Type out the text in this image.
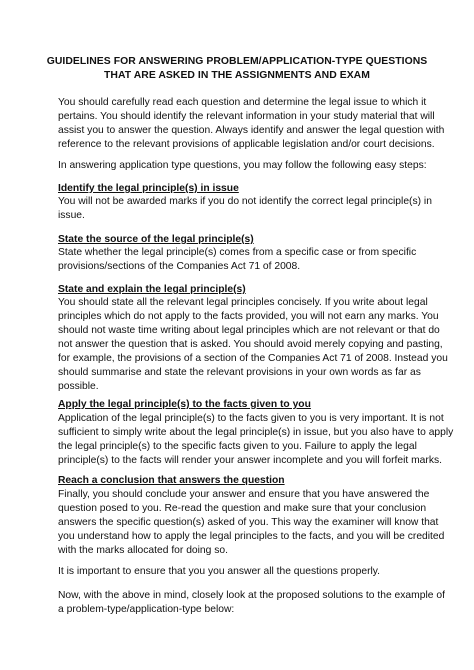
GUIDELINES FOR ANSWERING PROBLEM/APPLICATION-TYPE QUESTIONS
THAT ARE ASKED IN THE ASSIGNMENTS AND EXAM
You should carefully read each question and determine the legal issue to which it
pertains. You should identify the relevant information in your study material that will
assist you to answer the question. Always identify and answer the legal question with
reference to the relevant provisions of applicable legislation and/or court decisions.
In answering application type questions, you may follow the following easy steps:
Identify the legal principle(s) in issue
You will not be awarded marks if you do not identify the correct legal principle(s) in
issue.
State the source of the legal principle(s)
State whether the legal principle(s) comes from a specific case or from specific
provisions/sections of the Companies Act 71 of 2008.
State and explain the legal principle(s)
You should state all the relevant legal principles concisely. If you write about legal
principles which do not apply to the facts provided, you will not earn any marks. You
should not waste time writing about legal principles which are not relevant or that do
not answer the question that is asked. You should avoid merely copying and pasting,
for example, the provisions of a section of the Companies Act 71 of 2008. Instead you
should summarise and state the relevant provisions in your own words as far as
possible.
Apply the legal principle(s) to the facts given to you
Application of the legal principle(s) to the facts given to you is very important. It is not
sufficient to simply write about the legal principle(s) in issue, but you also have to apply
the legal principle(s) to the specific facts given to you. Failure to apply the legal
principle(s) to the facts will render your answer incomplete and you will forfeit marks.
Reach a conclusion that answers the question
Finally, you should conclude your answer and ensure that you have answered the
question posed to you. Re-read the question and make sure that your conclusion
answers the specific question(s) asked of you. This way the examiner will know that
you understand how to apply the legal principles to the facts, and you will be credited
with the marks allocated for doing so.
It is important to ensure that you you answer all the questions properly.
Now, with the above in mind, closely look at the proposed solutions to the example of
a problem-type/application-type below:
